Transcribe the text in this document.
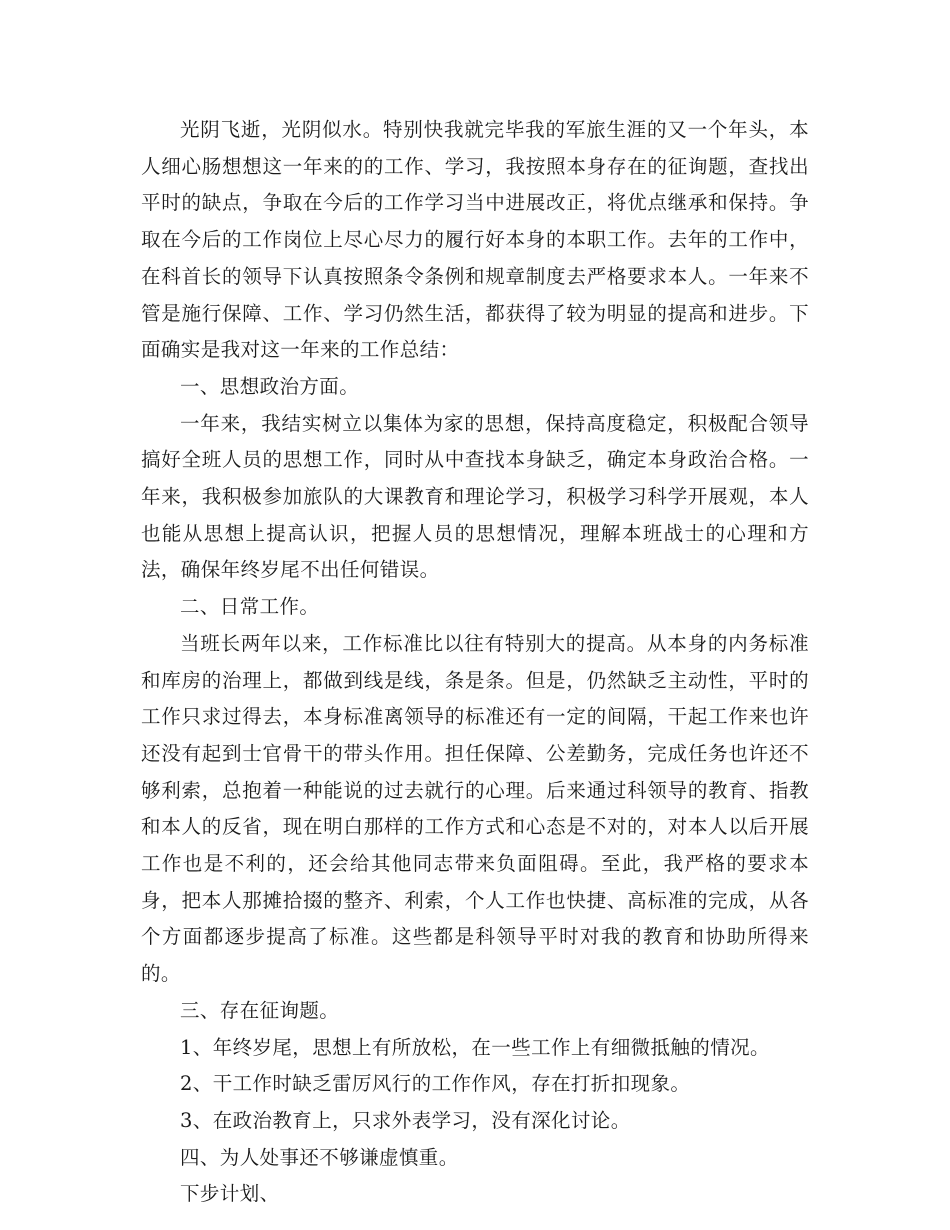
光阴飞逝，光阴似水。特别快我就完毕我的军旅生涯的又一个年头，本人细心肠想想这一年来的的工作、学习，我按照本身存在的征询题，查找出平时的缺点，争取在今后的工作学习当中进展改正，将优点继承和保持。争取在今后的工作岗位上尽心尽力的履行好本身的本职工作。去年的工作中，在科首长的领导下认真按照条令条例和规章制度去严格要求本人。一年来不管是施行保障、工作、学习仍然生活，都获得了较为明显的提高和进步。下面确实是我对这一年来的工作总结：

一、思想政治方面。

一年来，我结实树立以集体为家的思想，保持高度稳定，积极配合领导搞好全班人员的思想工作，同时从中查找本身缺乏，确定本身政治合格。一年来，我积极参加旅队的大课教育和理论学习，积极学习科学开展观，本人也能从思想上提高认识，把握人员的思想情况，理解本班战士的心理和方法，确保年终岁尾不出任何错误。

二、日常工作。

当班长两年以来，工作标准比以往有特别大的提高。从本身的内务标准和库房的治理上，都做到线是线，条是条。但是，仍然缺乏主动性，平时的工作只求过得去，本身标准离领导的标准还有一定的间隔，干起工作来也许还没有起到士官骨干的带头作用。担任保障、公差勤务，完成任务也许还不够利索，总抱着一种能说的过去就行的心理。后来通过科领导的教育、指教和本人的反省，现在明白那样的工作方式和心态是不对的，对本人以后开展工作也是不利的，还会给其他同志带来负面阻碍。至此，我严格的要求本身，把本人那摊拾掇的整齐、利索，个人工作也快捷、高标准的完成，从各个方面都逐步提高了标准。这些都是科领导平时对我的教育和协助所得来的。

三、存在征询题。

1、年终岁尾，思想上有所放松，在一些工作上有细微抵触的情况。

2、干工作时缺乏雷厉风行的工作作风，存在打折扣现象。

3、在政治教育上，只求外表学习，没有深化讨论。

四、为人处事还不够谦虚慎重。

下步计划、
